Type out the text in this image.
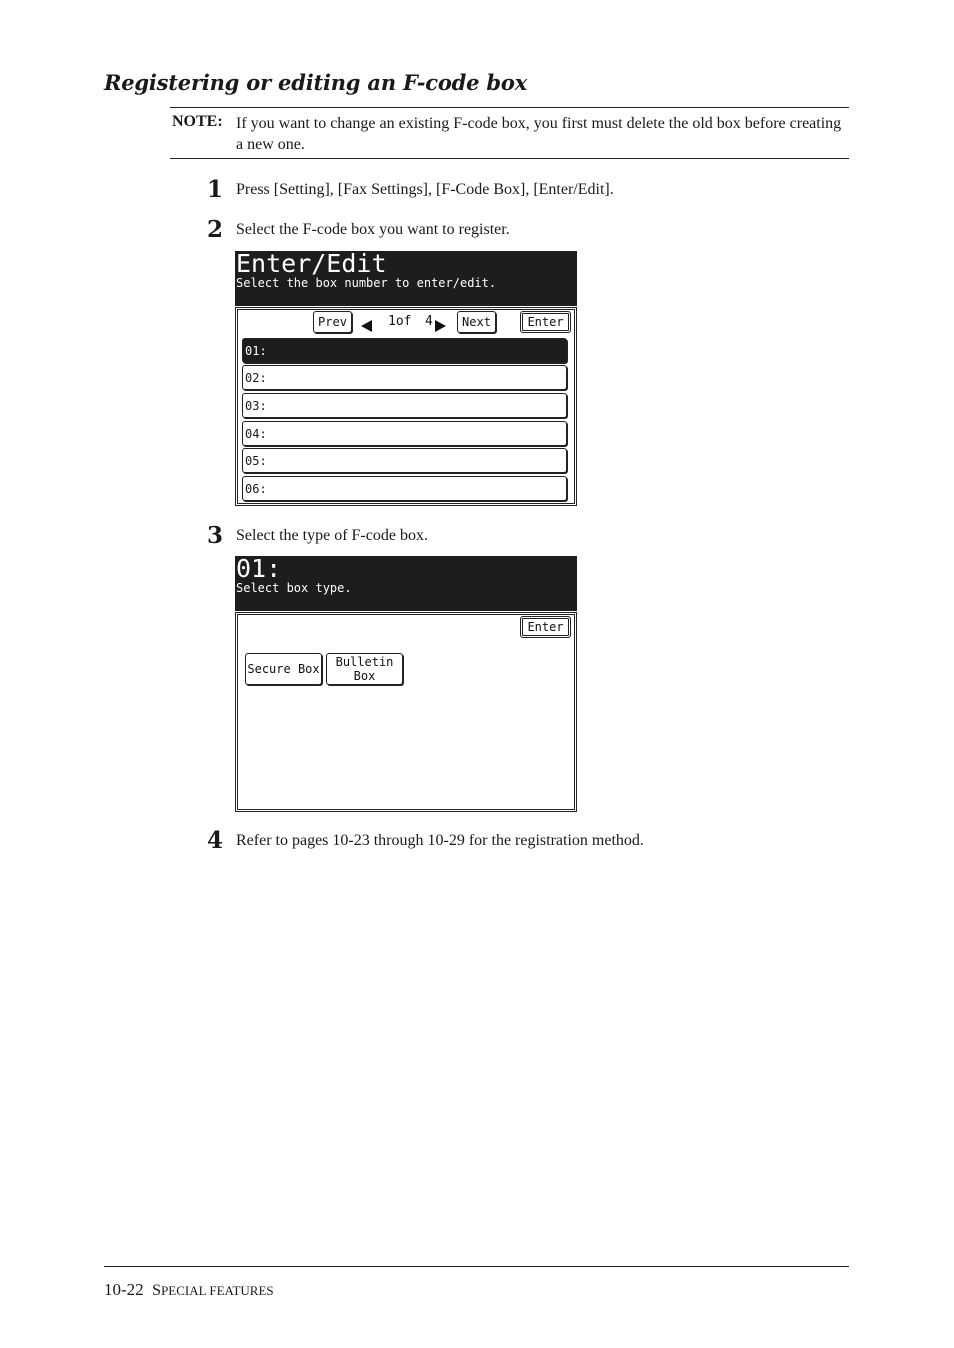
Registering or editing an F-code box
NOTE: If you want to change an existing F-code box, you first must delete the old box before creating a new one.
1 Press [Setting], [Fax Settings], [F-Code Box], [Enter/Edit].
2 Select the F-code box you want to register.
Enter/Edit
Select the box number to enter/edit.
Prev	1of 4	Next	Enter
01:
02:
03:
04:
05:
06:
3 Select the type of F-code box.
01:
Select box type.
Enter
Secure Box Bulletin
Box
4 Refer to pages 10-23 through 10-29 for the registration method.
10-22 SPECIAL FEATURES
